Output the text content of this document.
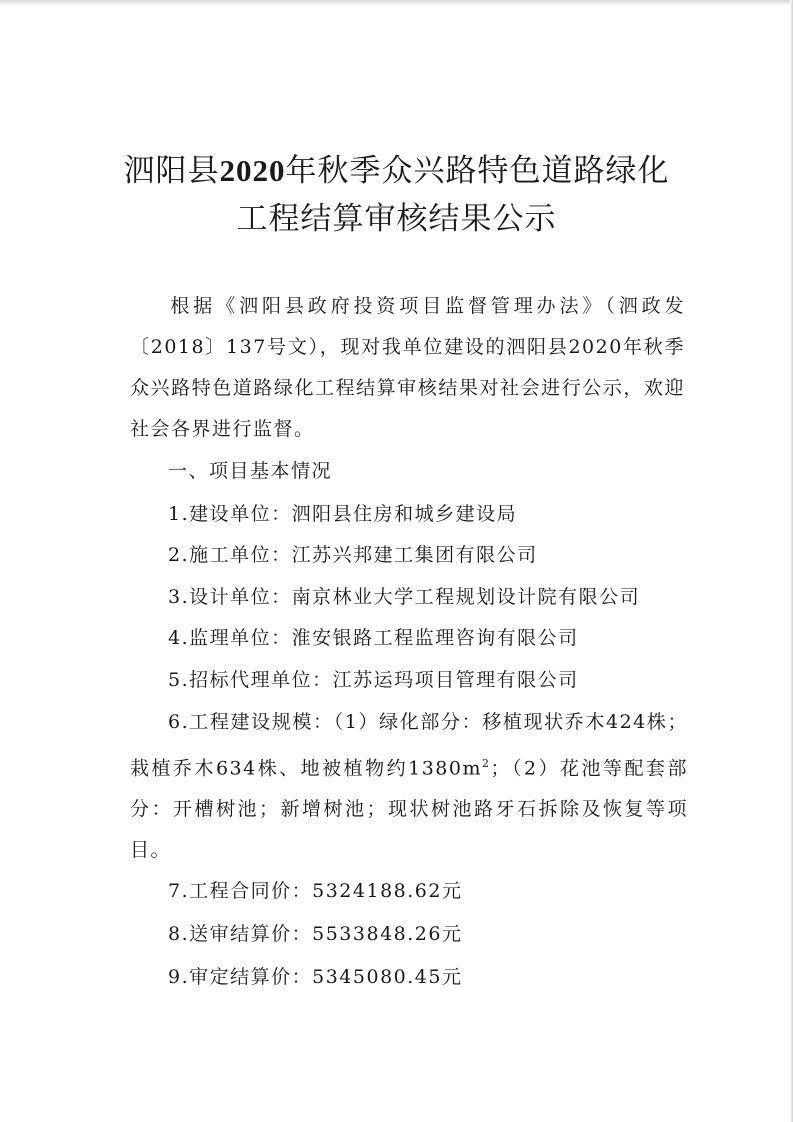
泗阳县2020年秋季众兴路特色道路绿化
工程结算审核结果公示
根据《泗阳县政府投资项目监督管理办法》（泗政发〔2018〕137号文），现对我单位建设的泗阳县2020年秋季众兴路特色道路绿化工程结算审核结果对社会进行公示，欢迎社会各界进行监督。
一、项目基本情况
1.建设单位：泗阳县住房和城乡建设局
2.施工单位：江苏兴邦建工集团有限公司
3.设计单位：南京林业大学工程规划设计院有限公司
4.监理单位：淮安银路工程监理咨询有限公司
5.招标代理单位：江苏运玛项目管理有限公司
6.工程建设规模：（1）绿化部分：移植现状乔木424株；栽植乔木634株、地被植物约$1380m^2$；（2）花池等配套部分：开槽树池；新增树池；现状树池路牙石拆除及恢复等项目。
7.工程合同价：5324188.62元
8.送审结算价：5533848.26元
9.审定结算价：5345080.45元
